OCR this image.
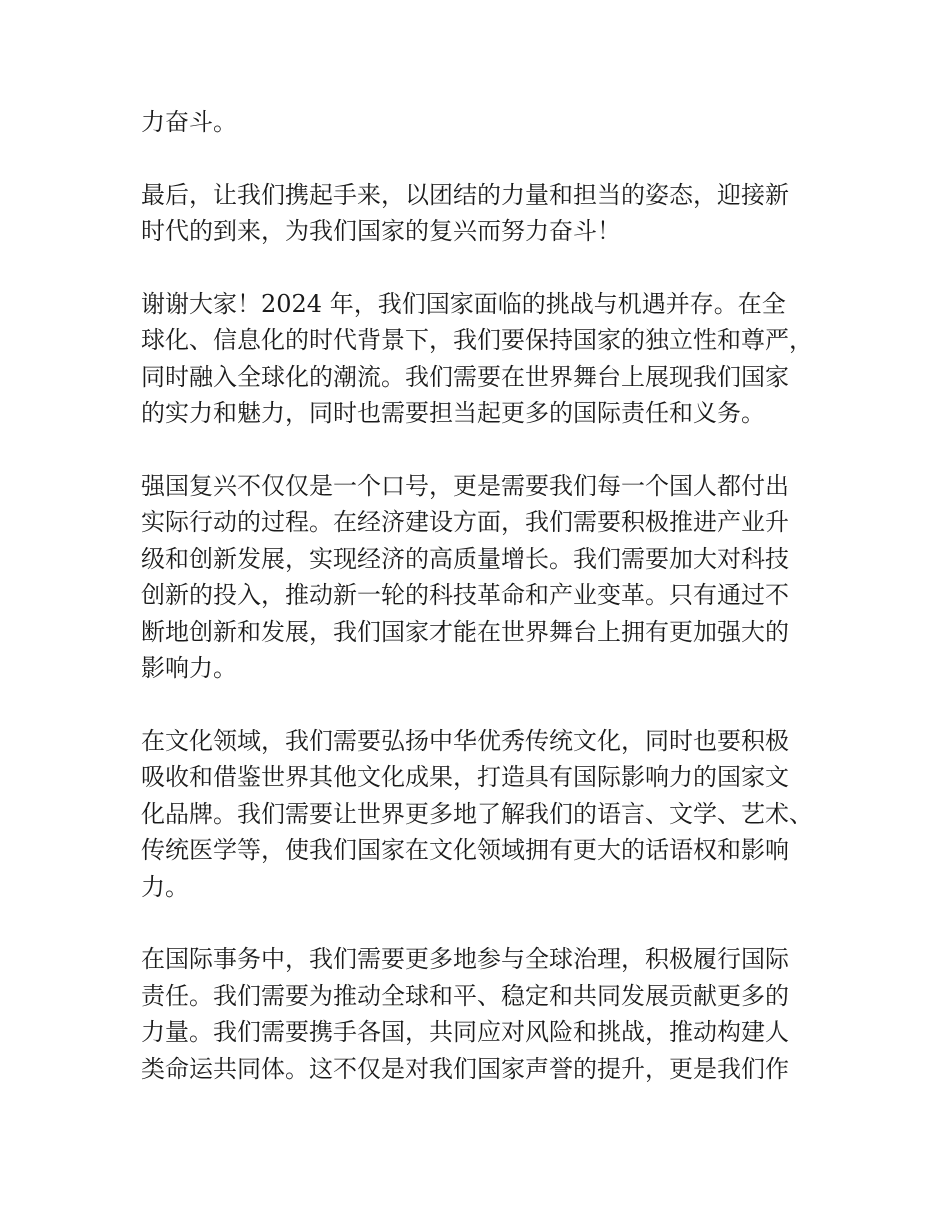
力奋斗。

最后，让我们携起手来，以团结的力量和担当的姿态，迎接新
时代的到来，为我们国家的复兴而努力奋斗！

谢谢大家！2024 年，我们国家面临的挑战与机遇并存。在全
球化、信息化的时代背景下，我们要保持国家的独立性和尊严，
同时融入全球化的潮流。我们需要在世界舞台上展现我们国家
的实力和魅力，同时也需要担当起更多的国际责任和义务。

强国复兴不仅仅是一个口号，更是需要我们每一个国人都付出
实际行动的过程。在经济建设方面，我们需要积极推进产业升
级和创新发展，实现经济的高质量增长。我们需要加大对科技
创新的投入，推动新一轮的科技革命和产业变革。只有通过不
断地创新和发展，我们国家才能在世界舞台上拥有更加强大的
影响力。

在文化领域，我们需要弘扬中华优秀传统文化，同时也要积极
吸收和借鉴世界其他文化成果，打造具有国际影响力的国家文
化品牌。我们需要让世界更多地了解我们的语言、文学、艺术、
传统医学等，使我们国家在文化领域拥有更大的话语权和影响
力。

在国际事务中，我们需要更多地参与全球治理，积极履行国际
责任。我们需要为推动全球和平、稳定和共同发展贡献更多的
力量。我们需要携手各国，共同应对风险和挑战，推动构建人
类命运共同体。这不仅是对我们国家声誉的提升，更是我们作
